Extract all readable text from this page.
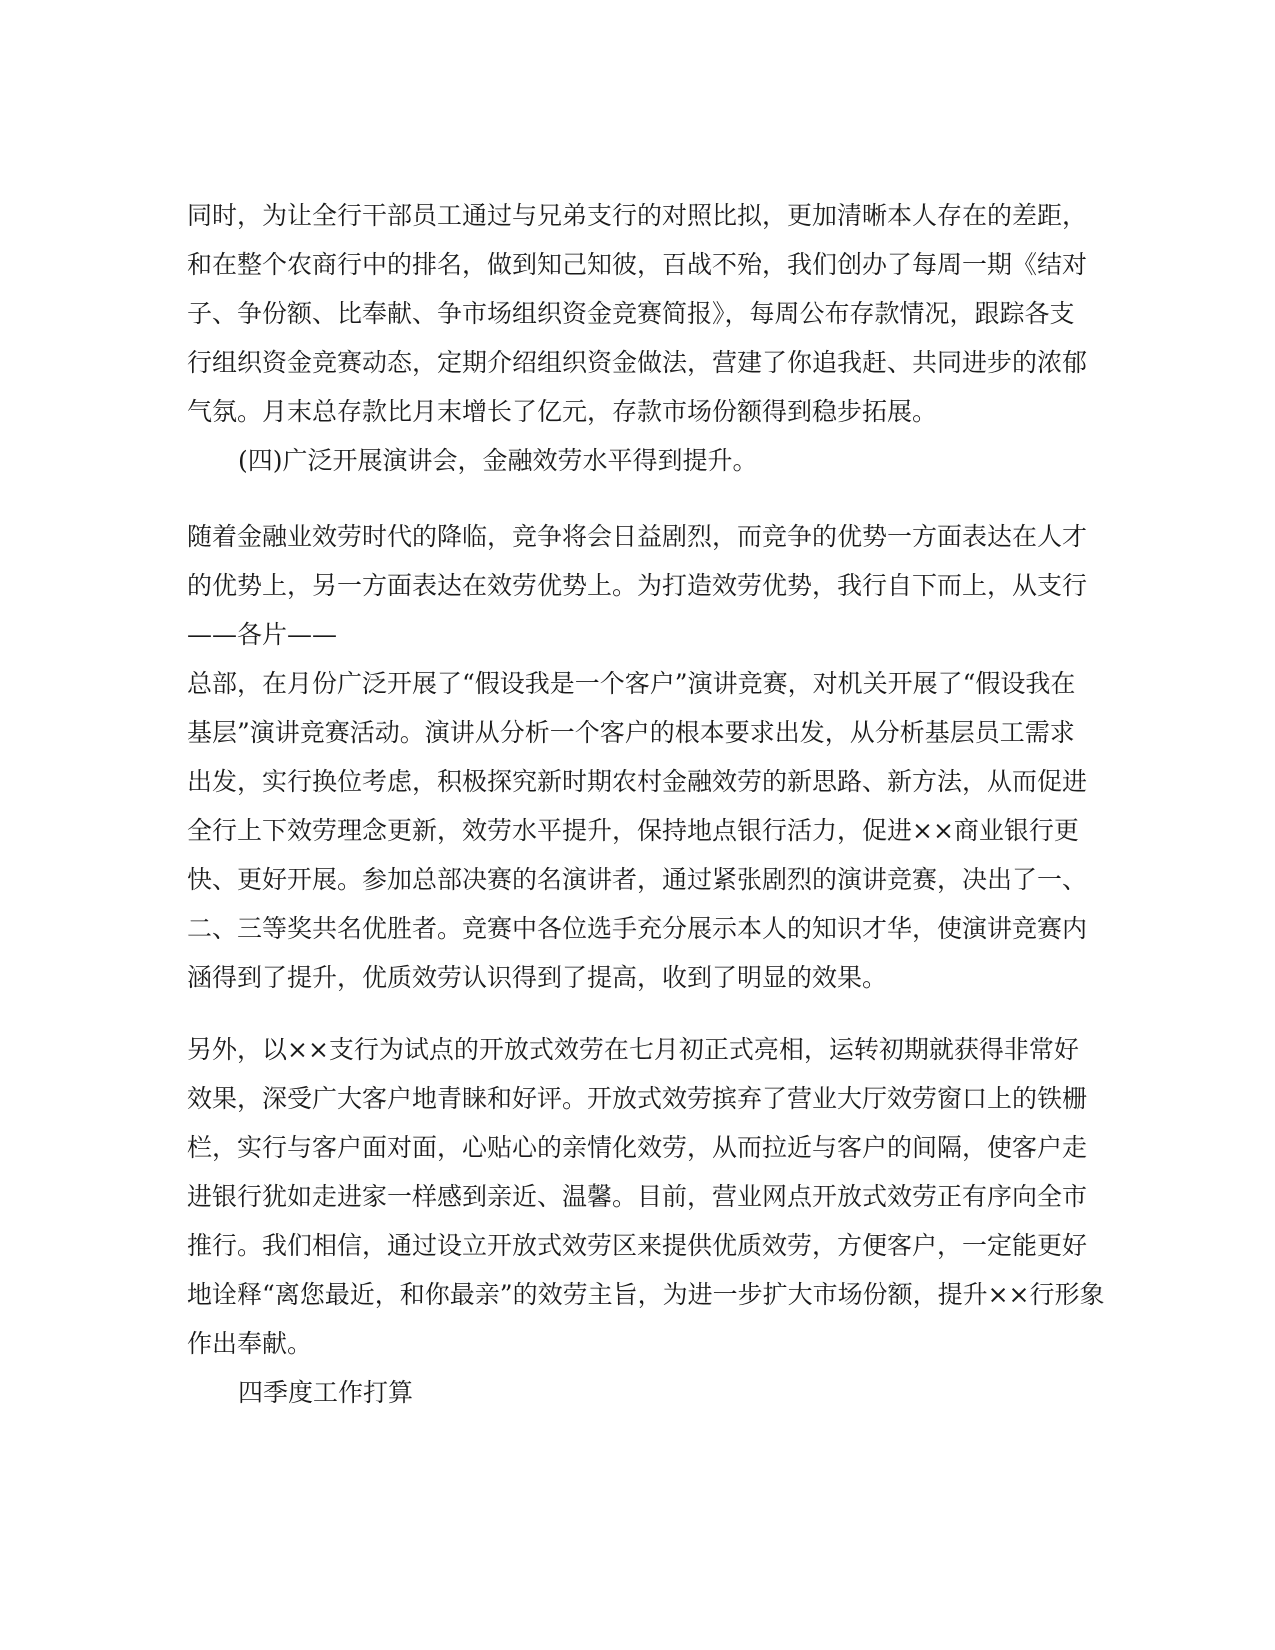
同时，为让全行干部员工通过与兄弟支行的对照比拟，更加清晰本人存在的差距，
和在整个农商行中的排名，做到知己知彼，百战不殆，我们创办了每周一期《结对
子、争份额、比奉献、争市场组织资金竞赛简报》，每周公布存款情况，跟踪各支
行组织资金竞赛动态，定期介绍组织资金做法，营建了你追我赶、共同进步的浓郁
气氛。月末总存款比月末增长了亿元，存款市场份额得到稳步拓展。
(四)广泛开展演讲会，金融效劳水平得到提升。
随着金融业效劳时代的降临，竞争将会日益剧烈，而竞争的优势一方面表达在人才
的优势上，另一方面表达在效劳优势上。为打造效劳优势，我行自下而上，从支行
——各片——
总部，在月份广泛开展了“假设我是一个客户”演讲竞赛，对机关开展了“假设我在
基层”演讲竞赛活动。演讲从分析一个客户的根本要求出发，从分析基层员工需求
出发，实行换位考虑，积极探究新时期农村金融效劳的新思路、新方法，从而促进
全行上下效劳理念更新，效劳水平提升，保持地点银行活力，促进××商业银行更
快、更好开展。参加总部决赛的名演讲者，通过紧张剧烈的演讲竞赛，决出了一、
二、三等奖共名优胜者。竞赛中各位选手充分展示本人的知识才华，使演讲竞赛内
涵得到了提升，优质效劳认识得到了提高，收到了明显的效果。
另外，以××支行为试点的开放式效劳在七月初正式亮相，运转初期就获得非常好
效果，深受广大客户地青睐和好评。开放式效劳摈弃了营业大厅效劳窗口上的铁栅
栏，实行与客户面对面，心贴心的亲情化效劳，从而拉近与客户的间隔，使客户走
进银行犹如走进家一样感到亲近、温馨。目前，营业网点开放式效劳正有序向全市
推行。我们相信，通过设立开放式效劳区来提供优质效劳，方便客户，一定能更好
地诠释“离您最近，和你最亲”的效劳主旨，为进一步扩大市场份额，提升××行形象
作出奉献。
四季度工作打算
